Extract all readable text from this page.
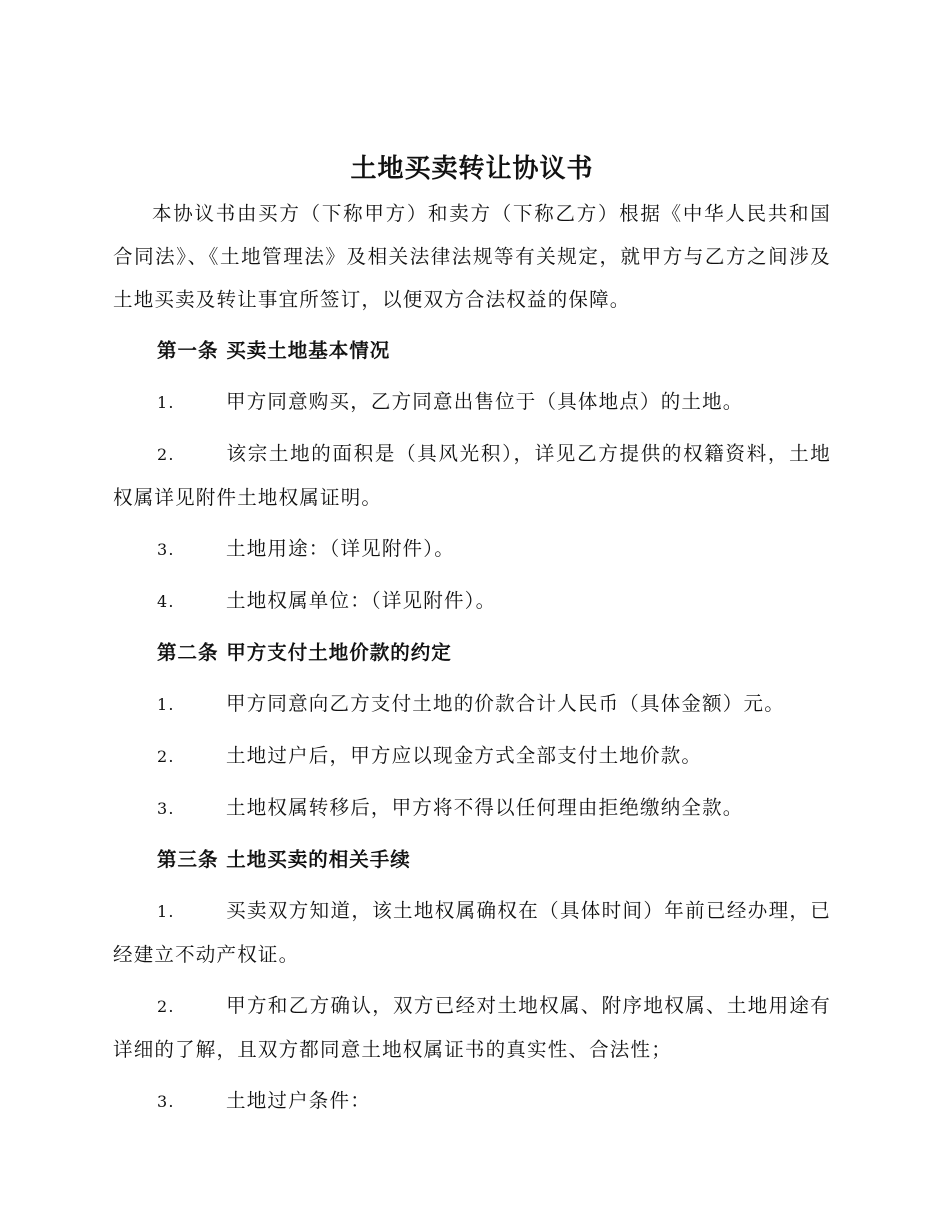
土地买卖转让协议书
本协议书由买方（下称甲方）和卖方（下称乙方）根据《中华人民共和国合同法》、《土地管理法》及相关法律法规等有关规定，就甲方与乙方之间涉及土地买卖及转让事宜所签订，以便双方合法权益的保障。
第一条 买卖土地基本情况
1.	甲方同意购买，乙方同意出售位于（具体地点）的土地。
2.	该宗土地的面积是（具风光积），详见乙方提供的权籍资料，土地权属详见附件土地权属证明。
3.	土地用途：（详见附件）。
4.	土地权属单位：（详见附件）。
第二条 甲方支付土地价款的约定
1.	甲方同意向乙方支付土地的价款合计人民币（具体金额）元。
2.	土地过户后，甲方应以现金方式全部支付土地价款。
3.	土地权属转移后，甲方将不得以任何理由拒绝缴纳全款。
第三条 土地买卖的相关手续
1.	买卖双方知道，该土地权属确权在（具体时间）年前已经办理，已经建立不动产权证。
2.	甲方和乙方确认，双方已经对土地权属、附序地权属、土地用途有详细的了解，且双方都同意土地权属证书的真实性、合法性；
3.	土地过户条件：
